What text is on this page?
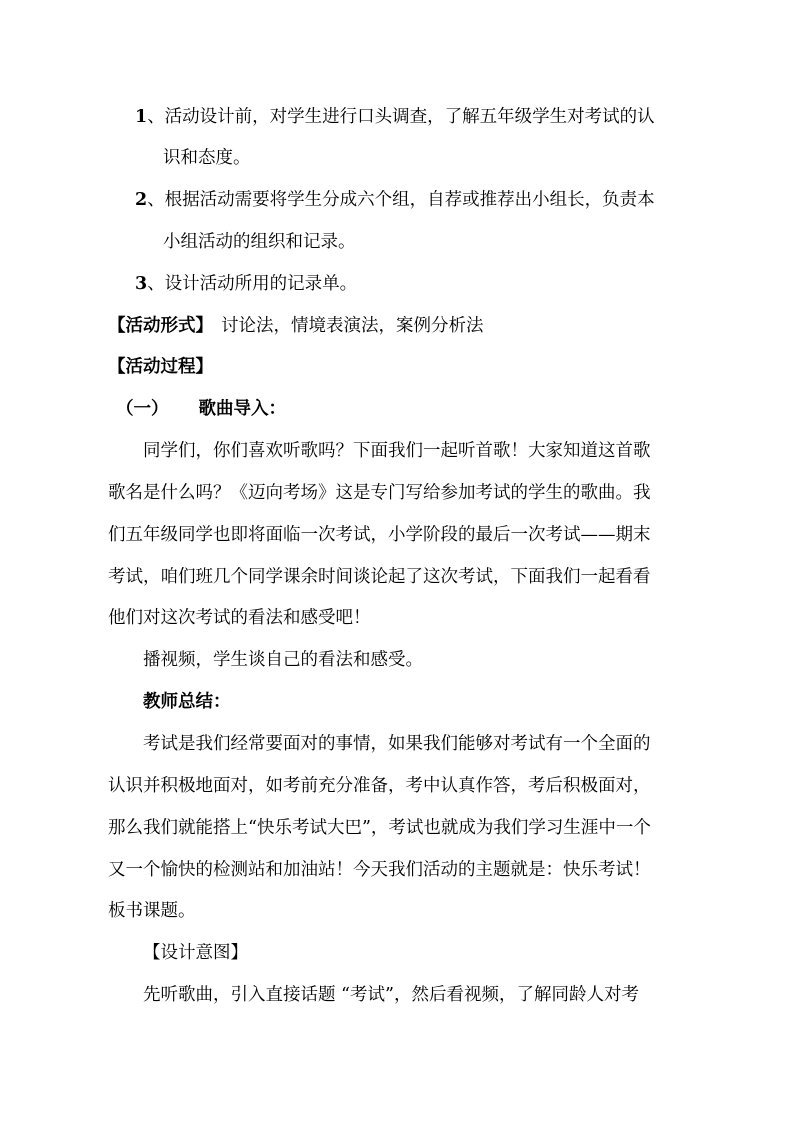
1、活动设计前，对学生进行口头调查，了解五年级学生对考试的认

识和态度。

2、根据活动需要将学生分成六个组，自荐或推荐出小组长，负责本

小组活动的组织和记录。

3、设计活动所用的记录单。

【活动形式】 讨论法，情境表演法，案例分析法

【活动过程】

（一） 歌曲导入：

同学们，你们喜欢听歌吗？下面我们一起听首歌！大家知道这首歌

歌名是什么吗？《迈向考场》这是专门写给参加考试的学生的歌曲。我

们五年级同学也即将面临一次考试，小学阶段的最后一次考试——期末

考试，咱们班几个同学课余时间谈论起了这次考试，下面我们一起看看

他们对这次考试的看法和感受吧！

播视频，学生谈自己的看法和感受。

教师总结：

考试是我们经常要面对的事情，如果我们能够对考试有一个全面的

认识并积极地面对，如考前充分准备，考中认真作答，考后积极面对，

那么我们就能搭上“快乐考试大巴”，考试也就成为我们学习生涯中一个

又一个愉快的检测站和加油站！今天我们活动的主题就是：快乐考试！

板书课题。

【设计意图】

先听歌曲，引入直接话题 “考试”，然后看视频，了解同龄人对考
